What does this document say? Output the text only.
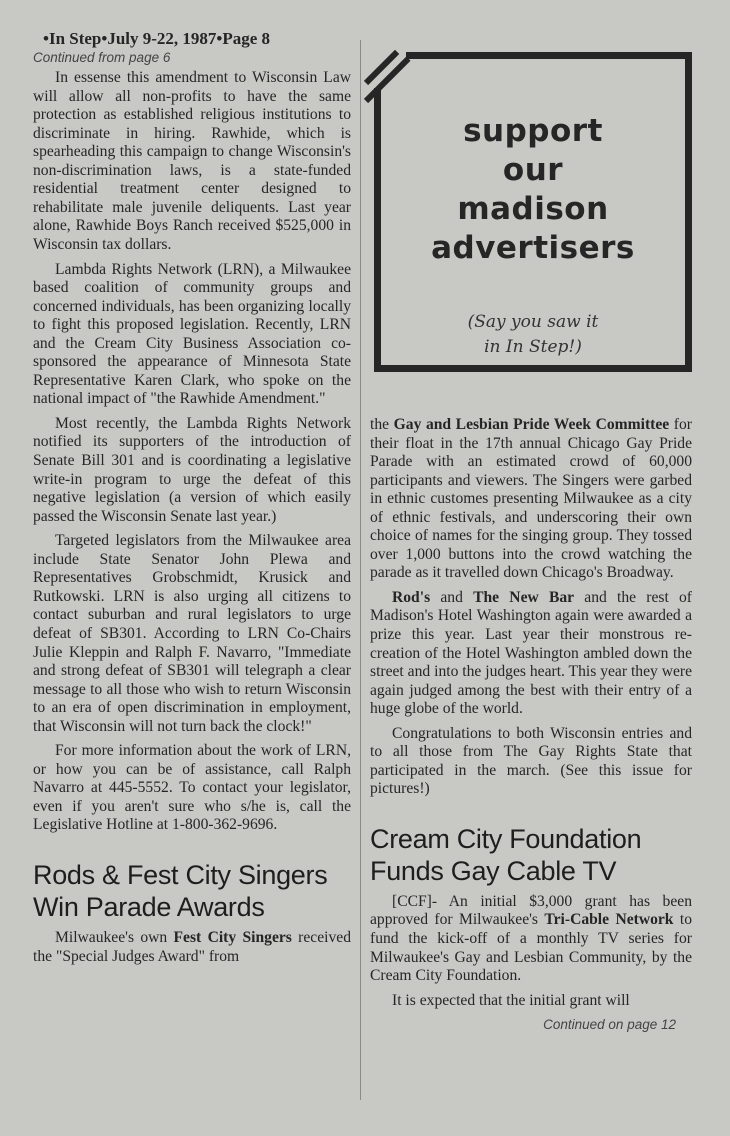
•In Step•July 9-22, 1987•Page 8

Continued from page 6

In essense this amendment to Wisconsin Law will allow all non-profits to have the same protection as established religious institutions to discriminate in hiring. Rawhide, which is spearheading this campaign to change Wisconsin's non-discrimination laws, is a state-funded residential treatment center designed to rehabilitate male juvenile deliquents. Last year alone, Rawhide Boys Ranch received $525,000 in Wisconsin tax dollars.

Lambda Rights Network (LRN), a Milwaukee based coalition of community groups and concerned individuals, has been organizing locally to fight this proposed legislation. Recently, LRN and the Cream City Business Association co-sponsored the appearance of Minnesota State Representative Karen Clark, who spoke on the national impact of "the Rawhide Amendment."

Most recently, the Lambda Rights Network notified its supporters of the introduction of Senate Bill 301 and is coordinating a legislative write-in program to urge the defeat of this negative legislation (a version of which easily passed the Wisconsin Senate last year.)

Targeted legislators from the Milwaukee area include State Senator John Plewa and Representatives Grobschmidt, Krusick and Rutkowski. LRN is also urging all citizens to contact suburban and rural legislators to urge defeat of SB301. According to LRN Co-Chairs Julie Kleppin and Ralph F. Navarro, "Immediate and strong defeat of SB301 will telegraph a clear message to all those who wish to return Wisconsin to an era of open discrimination in employment, that Wisconsin will not turn back the clock!"

For more information about the work of LRN, or how you can be of assistance, call Ralph Navarro at 445-5552. To contact your legislator, even if you aren't sure who s/he is, call the Legislative Hotline at 1-800-362-9696.

Rods & Fest City Singers
Win Parade Awards

Milwaukee's own Fest City Singers received the "Special Judges Award" from

support
our
madison
advertisers
(Say you saw it
in In Step!)

the Gay and Lesbian Pride Week Committee for their float in the 17th annual Chicago Gay Pride Parade with an estimated crowd of 60,000 participants and viewers. The Singers were garbed in ethnic customes presenting Milwaukee as a city of ethnic festivals, and underscoring their own choice of names for the singing group. They tossed over 1,000 buttons into the crowd watching the parade as it travelled down Chicago's Broadway.

Rod's and The New Bar and the rest of Madison's Hotel Washington again were awarded a prize this year. Last year their monstrous re-creation of the Hotel Washington ambled down the street and into the judges heart. This year they were again judged among the best with their entry of a huge globe of the world.

Congratulations to both Wisconsin entries and to all those from The Gay Rights State that participated in the march. (See this issue for pictures!)

Cream City Foundation
Funds Gay Cable TV

[CCF]- An initial $3,000 grant has been approved for Milwaukee's Tri-Cable Network to fund the kick-off of a monthly TV series for Milwaukee's Gay and Lesbian Community, by the Cream City Foundation.

It is expected that the initial grant will

Continued on page 12
